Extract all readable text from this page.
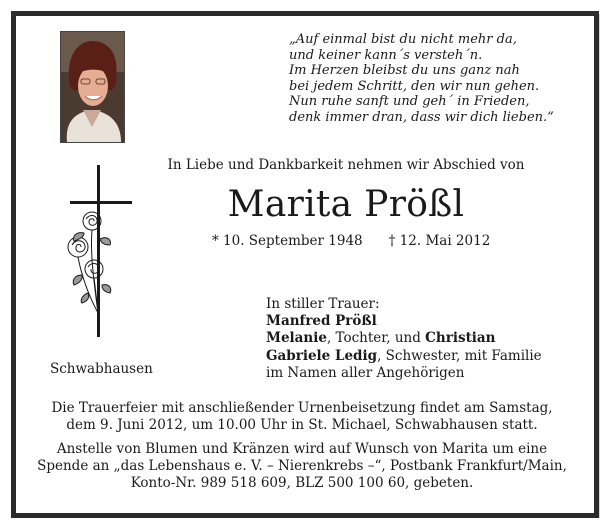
„Auf einmal bist du nicht mehr da,
und keiner kann´s versteh´n.
Im Herzen bleibst du uns ganz nah
bei jedem Schritt, den wir nun gehen.
Nun ruhe sanft und geh´ in Frieden,
denk immer dran, dass wir dich lieben.“
In Liebe und Dankbarkeit nehmen wir Abschied von
Marita Prößl
* 10. September 1948 † 12. Mai 2012
In stiller Trauer:
Manfred Prößl
Melanie, Tochter, und Christian
Gabriele Ledig, Schwester, mit Familie
im Namen aller Angehörigen
Schwabhausen
Die Trauerfeier mit anschließender Urnenbeisetzung findet am Samstag,
dem 9. Juni 2012, um 10.00 Uhr in St. Michael, Schwabhausen statt.
Anstelle von Blumen und Kränzen wird auf Wunsch von Marita um eine
Spende an „das Lebenshaus e. V. – Nierenkrebs –“, Postbank Frankfurt/Main,
Konto-Nr. 989 518 609, BLZ 500 100 60, gebeten.
